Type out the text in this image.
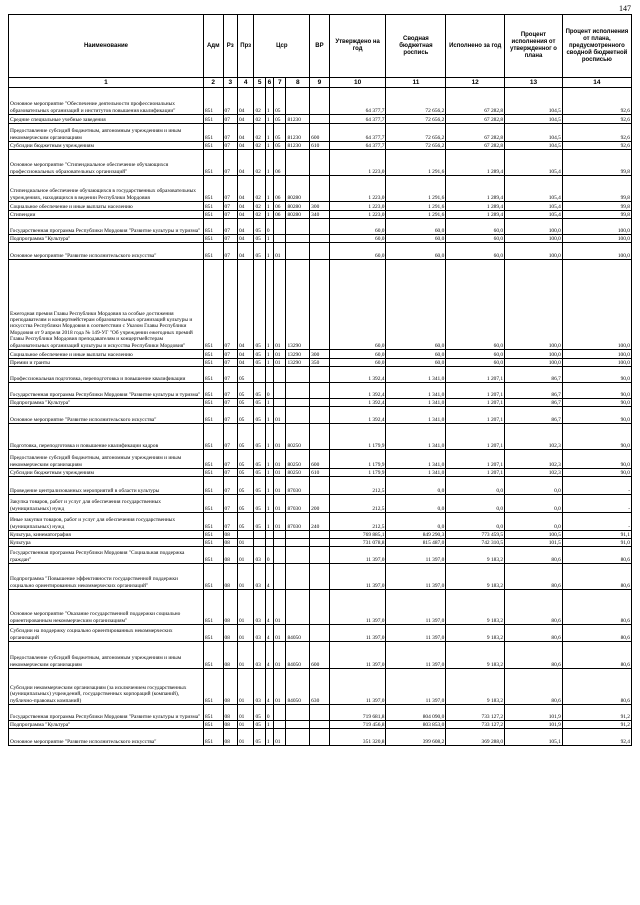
147
Наименование	Адм	Рз	Прз	Цср				ВР	Утверждено на год	Сводная бюджетная роспись	Исполнено за год	Процент исполнения от утвержденног о плана	Процент исполнения от плана, предусмотренного сводной бюджетной росписью
1	2	3	4	5	6	7	8	9	10	11	12	13	14
Основное мероприятие "Обеспечение деятельности профессиональных образовательных организаций и институтов повышения квалификации"	851	07	04	02	1	05			64 377,7	72 656,2	67 282,8	104,5	92,6
Средние специальные учебные заведения	851	07	04	02	1	05	81230		64 377,7	72 656,2	67 282,8	104,5	92,6
Предоставление субсидий бюджетным, автономным учреждениям и иным некоммерческим организациям	851	07	04	02	1	05	81230	600	64 377,7	72 656,2	67 282,8	104,5	92,6
Субсидии бюджетным учреждениям	851	07	04	02	1	05	81230	610	64 377,7	72 656,2	67 282,8	104,5	92,6
Основное мероприятие "Стипендиальное обеспечение обучающихся профессиональных образовательных организаций"	851	07	04	02	1	06			1 223,0	1 291,6	1 289,4	105,4	99,8
Стипендиальное обеспечение обучающихся в государственных образовательных учреждениях, находящихся в ведении Республики Мордовия	851	07	04	02	1	06	80280		1 223,0	1 291,6	1 289,4	105,4	99,8
Социальное обеспечение и иные выплаты населению	851	07	04	02	1	06	80280	300	1 223,0	1 291,6	1 289,4	105,4	99,8
Стипендии	851	07	04	02	1	06	80280	340	1 223,0	1 291,6	1 289,4	105,4	99,8
Государственная программа Республики Мордовия "Развитие культуры и туризма"	851	07	04	05	0				60,0	60,0	60,0	100,0	100,0
Подпрограмма "Культура"	851	07	04	05	1				60,0	60,0	60,0	100,0	100,0
Основное мероприятие "Развитие исполнительского искусства"	851	07	04	05	1	01			60,0	60,0	60,0	100,0	100,0
Ежегодная премия Главы Республики Мордовия за особые достижения преподавателям и концертмейстерам образовательных организаций культуры и искусства Республики Мордовия в соответствии с Указом Главы Республики Мордовия от 9 апреля 2018 года № 149-УГ "Об учреждении ежегодных премий Главы Республики Мордовия преподавателям и концертмейстерам образовательных организаций культуры и искусства Республики Мордовия"	851	07	04	05	1	01	13290		60,0	60,0	60,0	100,0	100,0
Социальное обеспечение и иные выплаты населению	851	07	04	05	1	01	13290	300	60,0	60,0	60,0	100,0	100,0
Премии и гранты	851	07	04	05	1	01	13290	350	60,0	60,0	60,0	100,0	100,0
Профессиональная подготовка, переподготовка и повышение квалификации	851	07	05						1 392,4	1 341,0	1 207,1	86,7	90,0
Государственная программа Республики Мордовия "Развитие культуры и туризма"	851	07	05	05	0				1 392,4	1 341,0	1 207,1	86,7	90,0
Подпрограмма "Культура"	851	07	05	05	1				1 392,4	1 341,0	1 207,1	86,7	90,0
Основное мероприятие "Развитие исполнительского искусства"	851	07	05	05	1	01			1 392,4	1 341,0	1 207,1	86,7	90,0
Подготовка, переподготовка и повышение квалификации кадров	851	07	05	05	1	01	80250		1 179,9	1 341,0	1 207,1	102,3	90,0
Предоставление субсидий бюджетным, автономным учреждениям и иным некоммерческим организациям	851	07	05	05	1	01	80250	600	1 179,9	1 341,0	1 207,1	102,3	90,0
Субсидии бюджетным учреждениям	851	07	05	05	1	01	80250	610	1 179,9	1 341,0	1 207,1	102,3	90,0
Проведение централизованных мероприятий в области культуры	851	07	05	05	1	01	87030		212,5	0,0	0,0	0,0	-
Закупка товаров, работ и услуг для обеспечения государственных (муниципальных) нужд	851	07	05	05	1	01	87030	200	212,5	0,0	0,0	0,0	-
Иные закупки товаров, работ и услуг для обеспечения государственных (муниципальных) нужд	851	07	05	05	1	01	87030	240	212,5	0,0	0,0	0,0	-
Культура, кинематография	851	08							769 885,1	849 290,3	773 459,5	100,5	91,1
Культура	851	08	01						731 078,8	815 487,0	742 310,5	101,5	91,0
Государственная программа Республики Мордовия "Социальная поддержка граждан"	851	08	01	03	0				11 397,0	11 397,0	9 183,2	80,6	80,6
Подпрограмма "Повышение эффективности государственной поддержки социально ориентированных некоммерческих организаций"	851	08	01	03	4				11 397,0	11 397,0	9 183,2	80,6	80,6
Основное мероприятие "Оказание государственной поддержки социально ориентированным некоммерческим организациям"	851	08	01	03	4	01			11 397,0	11 397,0	9 183,2	80,6	80,6
Субсидии на поддержку социально ориентированных некоммерческих организаций	851	08	01	03	4	01	84050		11 397,0	11 397,0	9 183,2	80,6	80,6
Предоставление субсидий бюджетным, автономным учреждениям и иным некоммерческим организациям	851	08	01	03	4	01	84050	600	11 397,0	11 397,0	9 183,2	80,6	80,6
Субсидии некоммерческим организациям (за исключением государственных (муниципальных) учреждений, государственных корпораций (компаний), публично-правовых компаний)	851	08	01	03	4	01	84050	630	11 397,0	11 397,0	9 183,2	80,6	80,6
Государственная программа Республики Мордовия "Развитие культуры и туризма"	851	08	01	05	0				719 681,8	804 090,0	733 127,2	101,9	91,2
Подпрограмма "Культура"	851	08	01	05	1				719 456,8	803 853,0	733 127,2	101,9	91,2
Основное мероприятие "Развитие исполнительского искусства"	851	08	01	05	1	01			351 320,8	399 608,2	369 288,0	105,1	92,4
